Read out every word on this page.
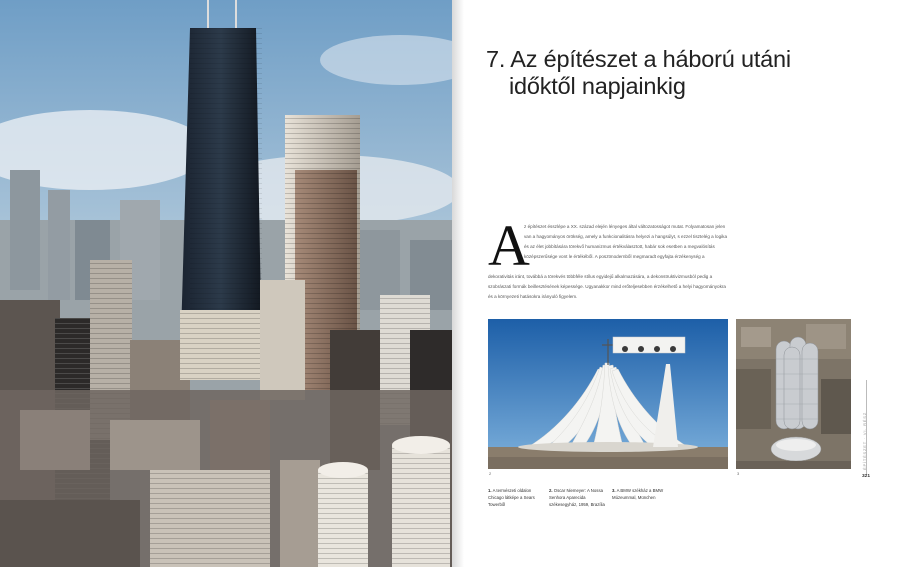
7. Az építészet a háború utáni
időktől napjainkig
A
z építészet ésszlépe a XX. század elején lényeges által változatosságot mutat. Folyamatosan jelen van a hagyományos örökség, amely a funkcionalitásra helyezi a hangsúlyt, s ezzel tisztelég a logika és az élet jobbítására törekvő humanizmus értékválasztott, habár sok esetben a megvalósítás középszerűsége vont le értékéből. A posztmodernből megmaradt egyfajta érzékenység a
dekorativitás iránt, továbbá a törekvés többféle stílus egyidejű alkalmazására, a dekonstruktivizmusból pedig a szobrászati formák beillesztésének képessége. Ugyanakkor mind erőteljesebben érzékelhető a helyi hagyományokra és a környezeti hatásokra irányuló figyelem.
2	3
1. A természeti oldalon Chicago látképe a Sears Towerből
2. Oscar Niemeyer: A Nossa Senhora Aparecida székesegyház, 1959, Brazília
3. A BMW székház a BMW Múzeummal, München
ÉPÍTÉSZET · VI. RÉSZ
321
